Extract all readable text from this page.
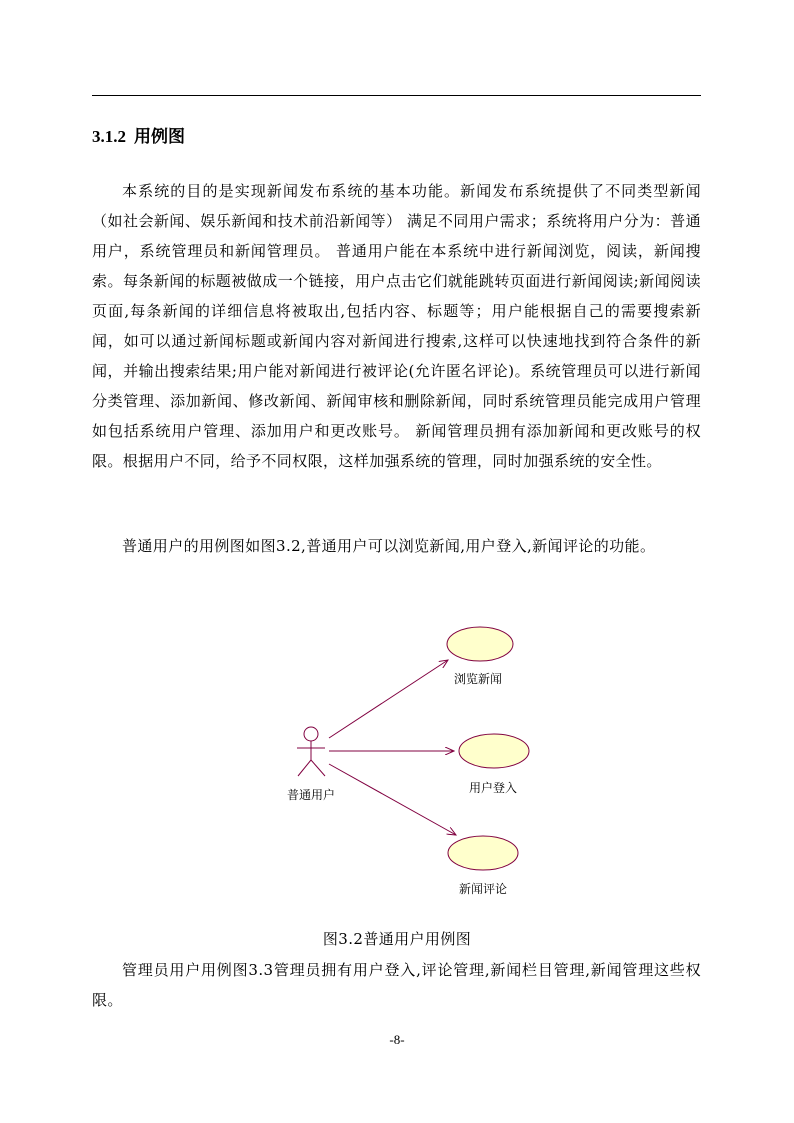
3.1.2 用例图

本系统的目的是实现新闻发布系统的基本功能。新闻发布系统提供了不同类型新闻（如社会新闻、娱乐新闻和技术前沿新闻等） 满足不同用户需求；系统将用户分为：普通用户，系统管理员和新闻管理员。 普通用户能在本系统中进行新闻浏览，阅读，新闻搜索。每条新闻的标题被做成一个链接，用户点击它们就能跳转页面进行新闻阅读;新闻阅读页面,每条新闻的详细信息将被取出,包括内容、标题等；用户能根据自己的需要搜索新闻，如可以通过新闻标题或新闻内容对新闻进行搜索,这样可以快速地找到符合条件的新闻，并输出搜索结果;用户能对新闻进行被评论(允许匿名评论)。系统管理员可以进行新闻分类管理、添加新闻、修改新闻、新闻审核和删除新闻，同时系统管理员能完成用户管理如包括系统用户管理、添加用户和更改账号。 新闻管理员拥有添加新闻和更改账号的权限。根据用户不同，给予不同权限，这样加强系统的管理，同时加强系统的安全性。

普通用户的用例图如图3.2,普通用户可以浏览新闻,用户登入,新闻评论的功能。

普通用户
浏览新闻
用户登入
新闻评论
图3.2普通用户用例图

管理员用户用例图3.3管理员拥有用户登入,评论管理,新闻栏目管理,新闻管理这些权限。

-8-
